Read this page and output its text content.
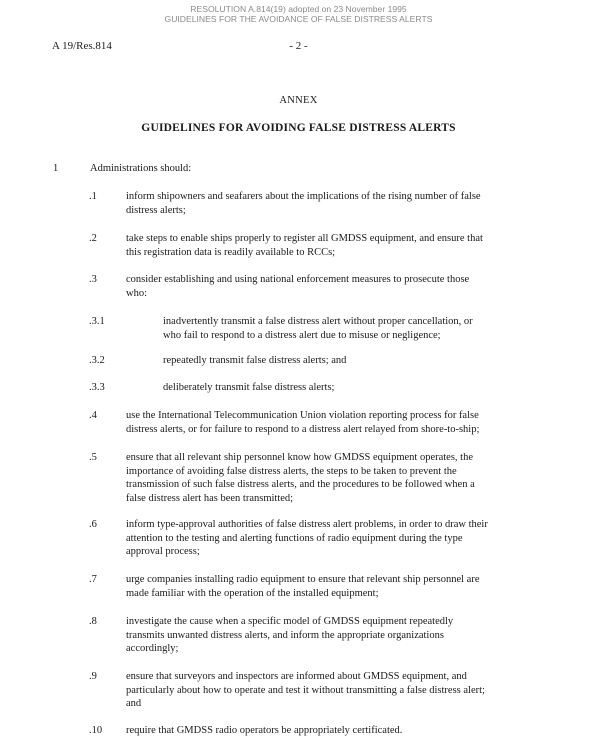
RESOLUTION A.814(19) adopted on 23 November 1995
GUIDELINES FOR THE AVOIDANCE OF FALSE DISTRESS ALERTS
A 19/Res.814	- 2 -
ANNEX
GUIDELINES FOR AVOIDING FALSE DISTRESS ALERTS
1	Administrations should:
.1	inform shipowners and seafarers about the implications of the rising number of false
distress alerts;
.2	take steps to enable ships properly to register all GMDSS equipment, and ensure that
this registration data is readily available to RCCs;
.3	consider establishing and using national enforcement measures to prosecute those
who:
.3.1	inadvertently transmit a false distress alert without proper cancellation, or
who fail to respond to a distress alert due to misuse or negligence;
.3.2	repeatedly transmit false distress alerts; and
.3.3	deliberately transmit false distress alerts;
.4	use the International Telecommunication Union violation reporting process for false
distress alerts, or for failure to respond to a distress alert relayed from shore-to-ship;
.5	ensure that all relevant ship personnel know how GMDSS equipment operates, the
importance of avoiding false distress alerts, the steps to be taken to prevent the
transmission of such false distress alerts, and the procedures to be followed when a
false distress alert has been transmitted;
.6	inform type-approval authorities of false distress alert problems, in order to draw their
attention to the testing and alerting functions of radio equipment during the type
approval process;
.7	urge companies installing radio equipment to ensure that relevant ship personnel are
made familiar with the operation of the installed equipment;
.8	investigate the cause when a specific model of GMDSS equipment repeatedly
transmits unwanted distress alerts, and inform the appropriate organizations
accordingly;
.9	ensure that surveyors and inspectors are informed about GMDSS equipment, and
particularly about how to operate and test it without transmitting a false distress alert;
and
.10 require that GMDSS radio operators be appropriately certificated.
